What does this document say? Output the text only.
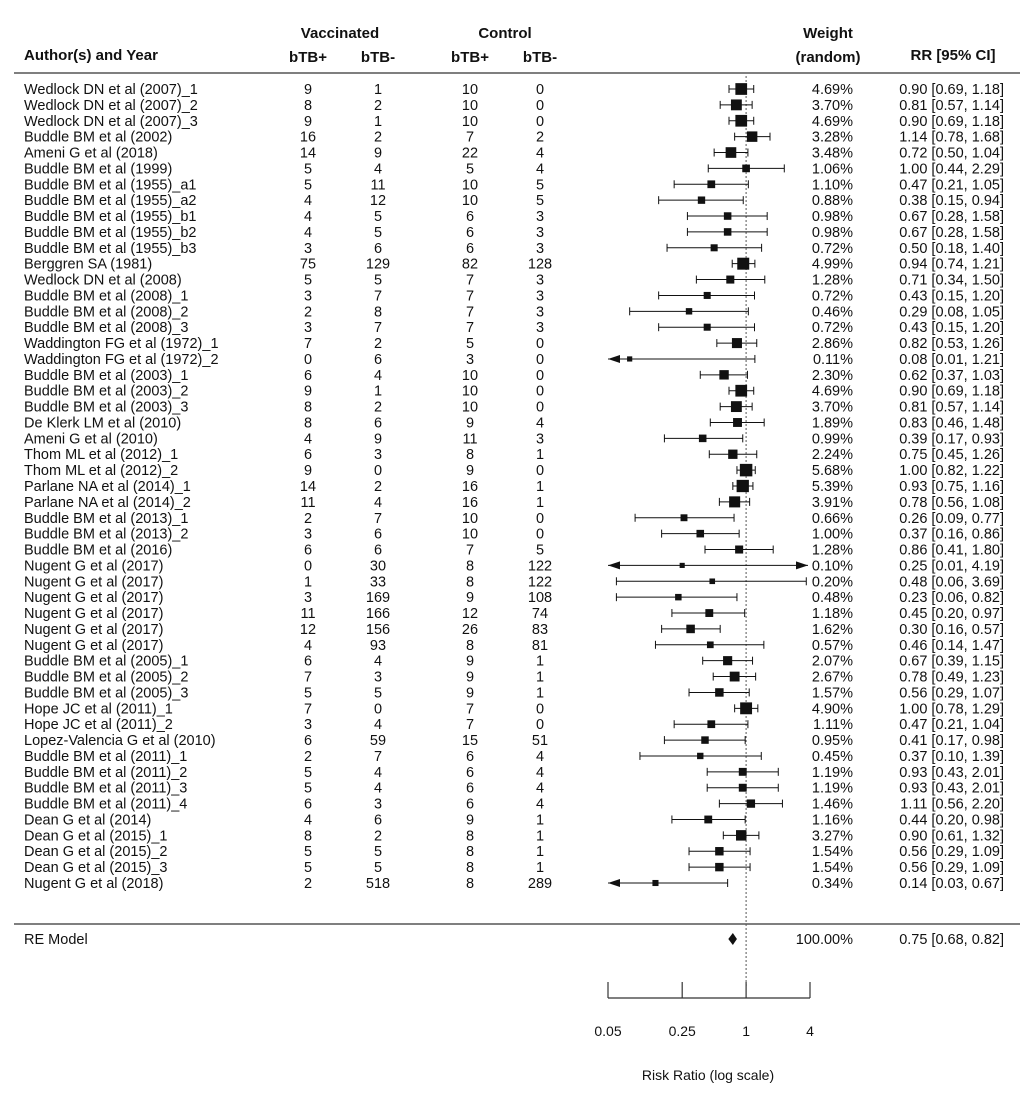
Vaccinated	Control	Weight
Author(s) and Year	bTB+ bTB-	bTB+ bTB-	(random)	RR [95% CI]
Wedlock DN et al (2007)_1	9	1	10	0	4.69%	0.90 [0.69, 1.18]
Wedlock DN et al (2007)_2	8	2	10	0	3.70%	0.81 [0.57, 1.14]
Wedlock DN et al (2007)_3	9	1	10	0	4.69%	0.90 [0.69, 1.18]
Buddle BM et al (2002)	16	2	7	2	3.28%	1.14 [0.78, 1.68]
Ameni G et al (2018)	14	9	22	4	3.48%	0.72 [0.50, 1.04]
Buddle BM et al (1999)	5	4	5	4	1.06%	1.00 [0.44, 2.29]
Buddle BM et al (1955)_a1	5	11	10	5	1.10%	0.47 [0.21, 1.05]
Buddle BM et al (1955)_a2	4	12	10	5	0.88%	0.38 [0.15, 0.94]
Buddle BM et al (1955)_b1	4	5	6	3	0.98%	0.67 [0.28, 1.58]
Buddle BM et al (1955)_b2	4	5	6	3	0.98%	0.67 [0.28, 1.58]
Buddle BM et al (1955)_b3	3	6	6	3	0.72%	0.50 [0.18, 1.40]
Berggren SA (1981)	75	129	82	128	4.99%	0.94 [0.74, 1.21]
Wedlock DN et al (2008)	5	5	7	3	1.28%	0.71 [0.34, 1.50]
Buddle BM et al (2008)_1	3	7	7	3	0.72%	0.43 [0.15, 1.20]
Buddle BM et al (2008)_2	2	8	7	3	0.46%	0.29 [0.08, 1.05]
Buddle BM et al (2008)_3	3	7	7	3	0.72%	0.43 [0.15, 1.20]
Waddington FG et al (1972)_1	7	2	5	0	2.86%	0.82 [0.53, 1.26]
Waddington FG et al (1972)_2	0	6	3	0	0.11%	0.08 [0.01, 1.21]
Buddle BM et al (2003)_1	6	4	10	0	2.30%	0.62 [0.37, 1.03]
Buddle BM et al (2003)_2	9	1	10	0	4.69%	0.90 [0.69, 1.18]
Buddle BM et al (2003)_3	8	2	10	0	3.70%	0.81 [0.57, 1.14]
De Klerk LM et al (2010)	8	6	9	4	1.89%	0.83 [0.46, 1.48]
Ameni G et al (2010)	4	9	11	3	0.99%	0.39 [0.17, 0.93]
Thom ML et al (2012)_1	6	3	8	1	2.24%	0.75 [0.45, 1.26]
Thom ML et al (2012)_2	9	0	9	0	5.68%	1.00 [0.82, 1.22]
Parlane NA et al (2014)_1	14	2	16	1	5.39%	0.93 [0.75, 1.16]
Parlane NA et al (2014)_2	11	4	16	1	3.91%	0.78 [0.56, 1.08]
Buddle BM et al (2013)_1	2	7	10	0	0.66%	0.26 [0.09, 0.77]
Buddle BM et al (2013)_2	3	6	10	0	1.00%	0.37 [0.16, 0.86]
Buddle BM et al (2016)	6	6	7	5	1.28%	0.86 [0.41, 1.80]
Nugent G et al (2017)	0	30	8	122	0.10%	0.25 [0.01, 4.19]
Nugent G et al (2017)	1	33	8	122	0.20%	0.48 [0.06, 3.69]
Nugent G et al (2017)	3	169	9	108	0.48%	0.23 [0.06, 0.82]
Nugent G et al (2017)	11	166	12	74	1.18%	0.45 [0.20, 0.97]
Nugent G et al (2017)	12	156	26	83	1.62%	0.30 [0.16, 0.57]
Nugent G et al (2017)	4	93	8	81	0.57%	0.46 [0.14, 1.47]
Buddle BM et al (2005)_1	6	4	9	1	2.07%	0.67 [0.39, 1.15]
Buddle BM et al (2005)_2	7	3	9	1	2.67%	0.78 [0.49, 1.23]
Buddle BM et al (2005)_3	5	5	9	1	1.57%	0.56 [0.29, 1.07]
Hope JC et al (2011)_1	7	0	7	0	4.90%	1.00 [0.78, 1.29]
Hope JC et al (2011)_2	3	4	7	0	1.11%	0.47 [0.21, 1.04]
Lopez-Valencia G et al (2010)	6	59	15	51	0.95%	0.41 [0.17, 0.98]
Buddle BM et al (2011)_1	2	7	6	4	0.45%	0.37 [0.10, 1.39]
Buddle BM et al (2011)_2	5	4	6	4	1.19%	0.93 [0.43, 2.01]
Buddle BM et al (2011)_3	5	4	6	4	1.19%	0.93 [0.43, 2.01]
Buddle BM et al (2011)_4	6	3	6	4	1.46%	1.11 [0.56, 2.20]
Dean G et al (2014)	4	6	9	1	1.16%	0.44 [0.20, 0.98]
Dean G et al (2015)_1	8	2	8	1	3.27%	0.90 [0.61, 1.32]
Dean G et al (2015)_2	5	5	8	1	1.54%	0.56 [0.29, 1.09]
Dean G et al (2015)_3	5	5	8	1	1.54%	0.56 [0.29, 1.09]
Nugent G et al (2018)	2	518	8	289	0.34%	0.14 [0.03, 0.67]
RE Model	100.00%	0.75 [0.68, 0.82]
0.05	0.25	1	4
Risk Ratio (log scale)
